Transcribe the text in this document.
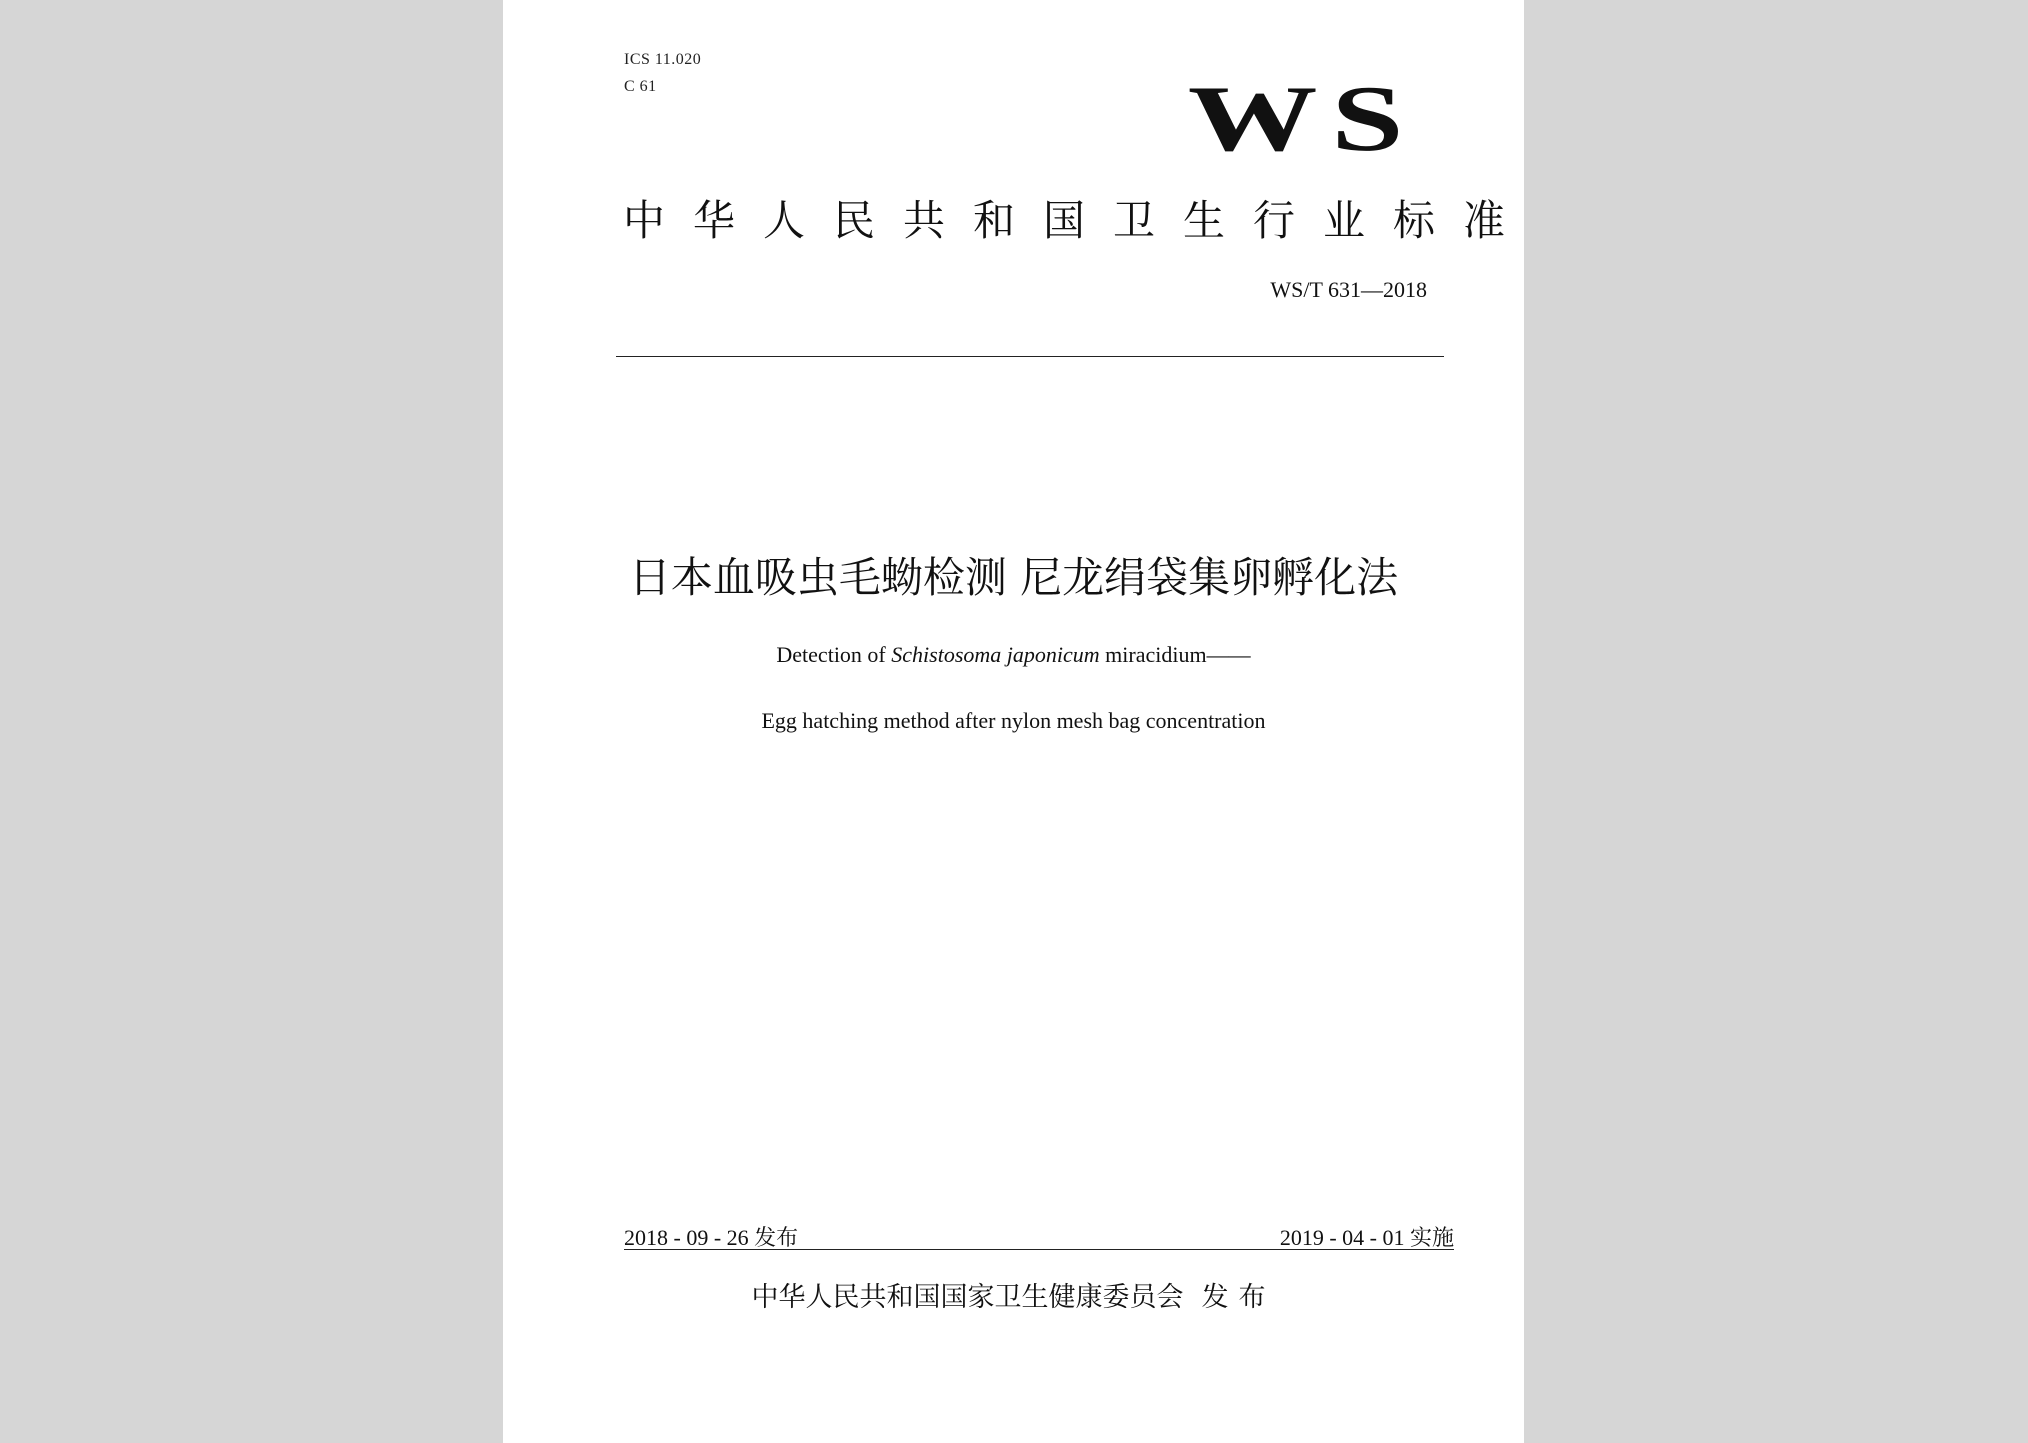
ICS 11.020
C 61	WS
中华人民共和国卫生行业标准
WS/T 631—2018
日本血吸虫毛蚴检测 尼龙绢袋集卵孵化法
Detection of Schistosoma japonicum miracidium——
Egg hatching method after nylon mesh bag concentration
2018 - 09 - 26 发布	2019 - 04 - 01 实施
中华人民共和国国家卫生健康委员会 发布
